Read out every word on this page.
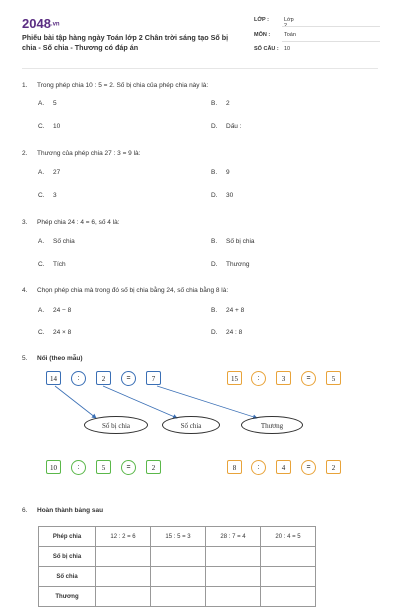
2048.vn
Phiếu bài tập hàng ngày Toán lớp 2 Chân trời sáng tạo Số bị chia - Số chia - Thương có đáp án
LỚP :	Lớp 2
MÔN :	Toán
SỐ CÂU : 10
1. Trong phép chia 10 : 5 = 2. Số bị chia của phép chia này là:
A. 5	B. 2
C. 10	D. Dấu :
2. Thương của phép chia 27 : 3 = 9 là:
A. 27	B. 9
C. 3	D. 30
3. Phép chia 24 : 4 = 6, số 4 là:
A. Số chia	B. Số bị chia
C. Tích	D. Thương
4. Chọn phép chia mà trong đó số bị chia bằng 24, số chia bằng 8 là:
A. 24 − 8	B. 24 + 8
C. 24 × 8	D. 24 : 8
5. Nối (theo mẫu)
14	:	2	=	7	15	:	3	=	5
Số bị chia	Số chia	Thương
10	:	5	=	2	8	:	4	=	2
6. Hoàn thành bảng sau
Phép chia	12 : 2 = 6	15 : 5 = 3	28 : 7 = 4	20 : 4 = 5
Số bị chia				
Số chia				
Thương				
